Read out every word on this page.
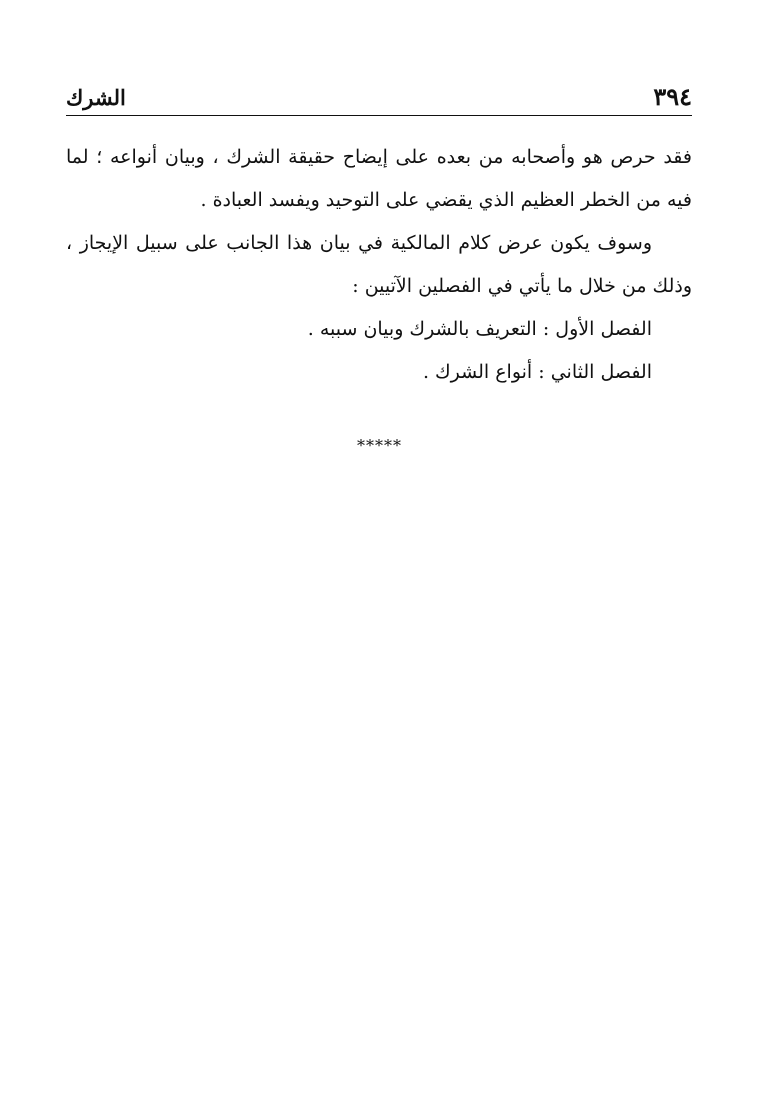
٣٩٤
الشرك

فقد حرص هو وأصحابه من بعده على إيضاح حقيقة الشرك ، وبيان أنواعه ؛ لما فيه من الخطر العظيم الذي يقضي على التوحيد ويفسد العبادة .

وسوف يكون عرض كلام المالكية في بيان هذا الجانب على سبيل الإيجاز ، وذلك من خلال ما يأتي في الفصلين الآتيين :

الفصل الأول : التعريف بالشرك وبيان سببه .

الفصل الثاني : أنواع الشرك .

*****
